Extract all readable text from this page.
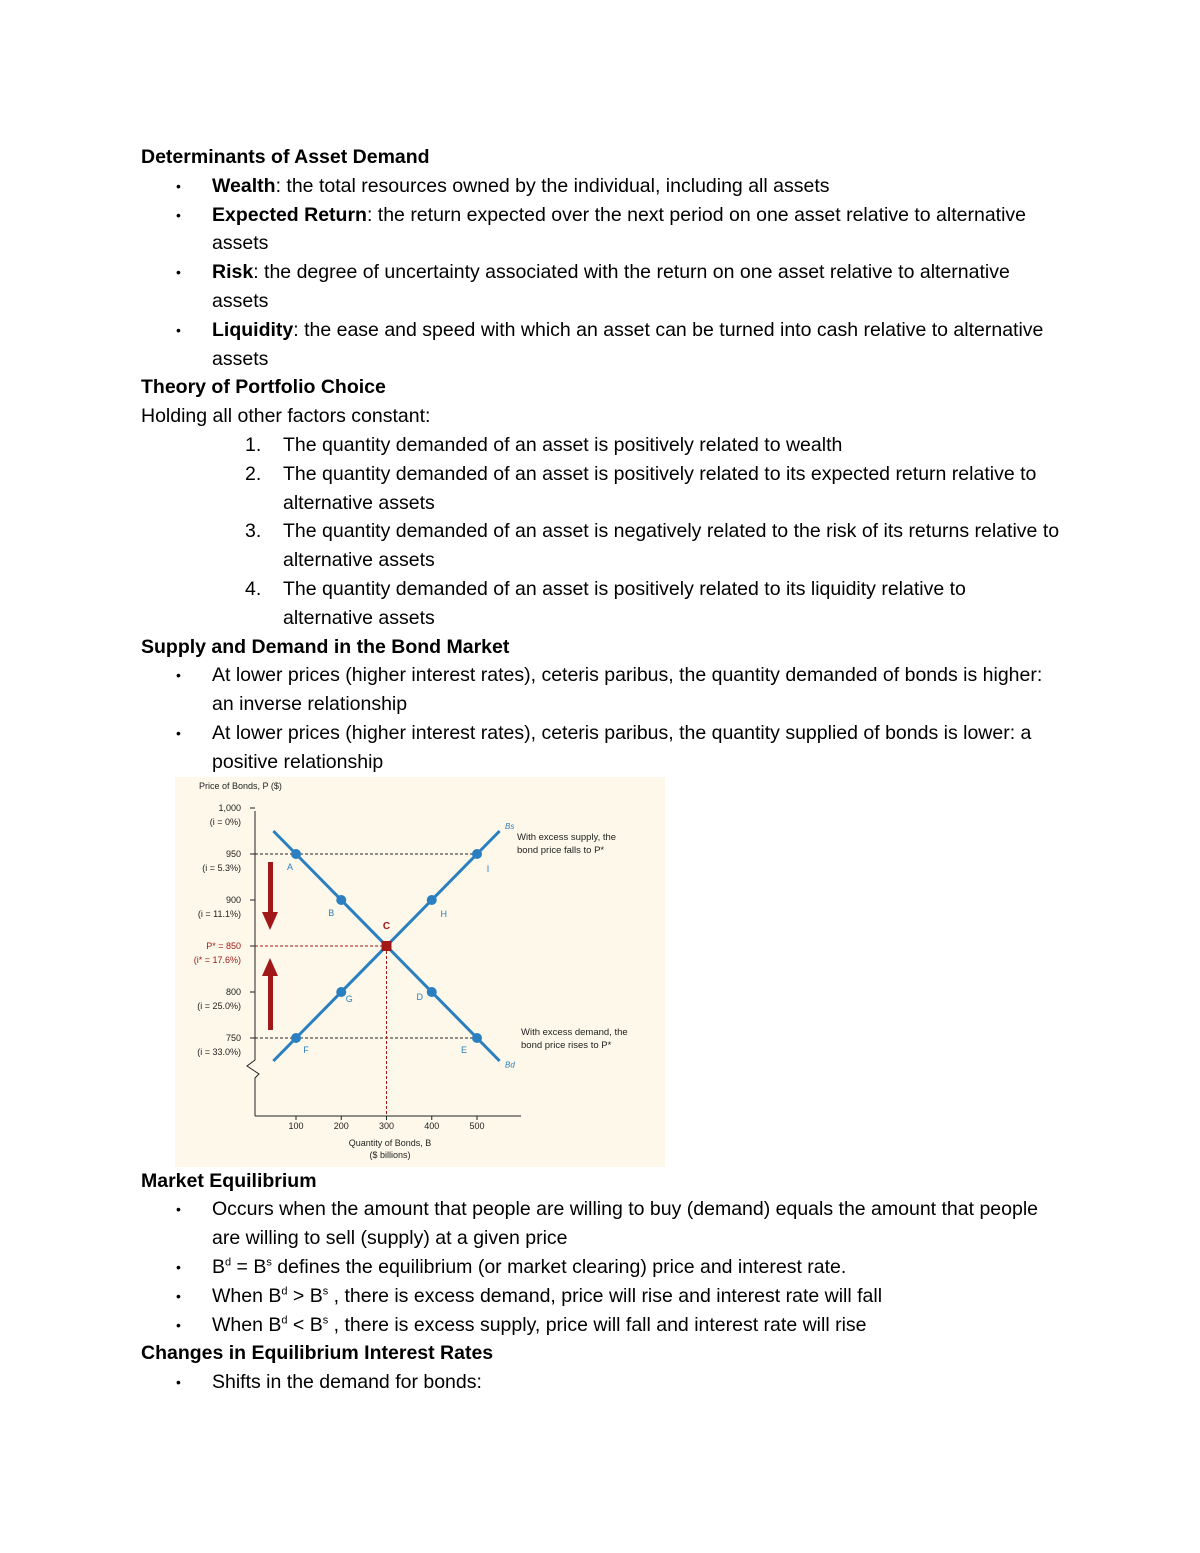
Determinants of Asset Demand

• Wealth: the total resources owned by the individual, including all assets
• Expected Return: the return expected over the next period on one asset relative to alternative assets
• Risk: the degree of uncertainty associated with the return on one asset relative to alternative assets
• Liquidity: the ease and speed with which an asset can be turned into cash relative to alternative assets

Theory of Portfolio Choice

Holding all other factors constant:

1. The quantity demanded of an asset is positively related to wealth
2. The quantity demanded of an asset is positively related to its expected return relative to alternative assets
3. The quantity demanded of an asset is negatively related to the risk of its returns relative to alternative assets
4. The quantity demanded of an asset is positively related to its liquidity relative to alternative assets

Supply and Demand in the Bond Market

• At lower prices (higher interest rates), ceteris paribus, the quantity demanded of bonds is higher: an inverse relationship
• At lower prices (higher interest rates), ceteris paribus, the quantity supplied of bonds is lower: a positive relationship
Price of Bonds, P ($)
1,000
(i = 0%)
950
(i = 5.3%)
900
(i = 11.1%)
P* = 850
(i* = 17.6%)
800
(i = 25.0%)
750
(i = 33.0%)
100	200	300	400	500
Quantity of Bonds, B
($ billions)
Bs
Bd
A
B
D
E
F
G
H
I
C
With excess supply, the
bond price falls to P*
With excess demand, the
bond price rises to P*

Market Equilibrium

• Occurs when the amount that people are willing to buy (demand) equals the amount that people are willing to sell (supply) at a given price
• $B^d = B^s$ defines the equilibrium (or market clearing) price and interest rate.
• When $B^d > B^s$ , there is excess demand, price will rise and interest rate will fall
• When $B^d < B^s$ , there is excess supply, price will fall and interest rate will rise

Changes in Equilibrium Interest Rates

• Shifts in the demand for bonds:
